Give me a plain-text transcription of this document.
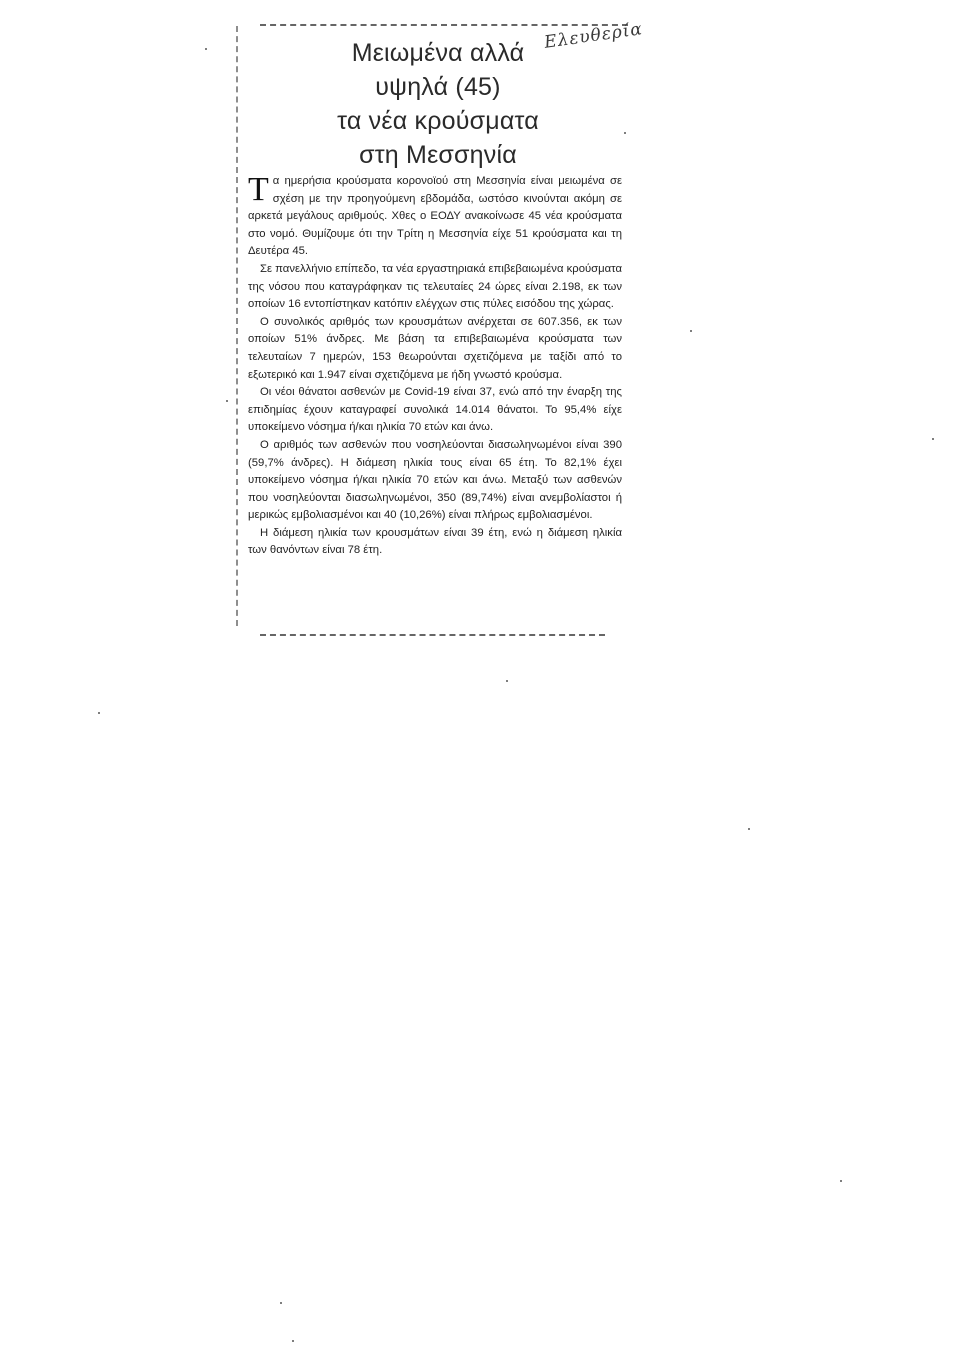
Μειωμένα αλλά
υψηλά (45)
τα νέα κρούσματα
στη Μεσσηνία
Ελευθερία

Τα ημερήσια κρούσματα κορονοϊού στη Μεσσηνία είναι μειωμένα σε σχέση με την προηγούμενη εβδομάδα, ωστόσο κινούνται ακόμη σε αρκετά μεγάλους αριθμούς. Χθες ο ΕΟΔΥ ανακοίνωσε 45 νέα κρούσματα στο νομό. Θυμίζουμε ότι την Τρίτη η Μεσσηνία είχε 51 κρούσματα και τη Δευτέρα 45.

Σε πανελλήνιο επίπεδο, τα νέα εργαστηριακά επιβεβαιωμένα κρούσματα της νόσου που καταγράφηκαν τις τελευταίες 24 ώρες είναι 2.198, εκ των οποίων 16 εντοπίστηκαν κατόπιν ελέγχων στις πύλες εισόδου της χώρας.

Ο συνολικός αριθμός των κρουσμάτων ανέρχεται σε 607.356, εκ των οποίων 51% άνδρες. Με βάση τα επιβεβαιωμένα κρούσματα των τελευταίων 7 ημερών, 153 θεωρούνται σχετιζόμενα με ταξίδι από το εξωτερικό και 1.947 είναι σχετιζόμενα με ήδη γνωστό κρούσμα.

Οι νέοι θάνατοι ασθενών με Covid-19 είναι 37, ενώ από την έναρξη της επιδημίας έχουν καταγραφεί συνολικά 14.014 θάνατοι. Το 95,4% είχε υποκείμενο νόσημα ή/και ηλικία 70 ετών και άνω.

Ο αριθμός των ασθενών που νοσηλεύονται διασωληνωμένοι είναι 390 (59,7% άνδρες). Η διάμεση ηλικία τους είναι 65 έτη. Το 82,1% έχει υποκείμενο νόσημα ή/και ηλικία 70 ετών και άνω. Μεταξύ των ασθενών που νοσηλεύονται διασωληνωμένοι, 350 (89,74%) είναι ανεμβολίαστοι ή μερικώς εμβολιασμένοι και 40 (10,26%) είναι πλήρως εμβολιασμένοι.

Η διάμεση ηλικία των κρουσμάτων είναι 39 έτη, ενώ η διάμεση ηλικία των θανόντων είναι 78 έτη.
